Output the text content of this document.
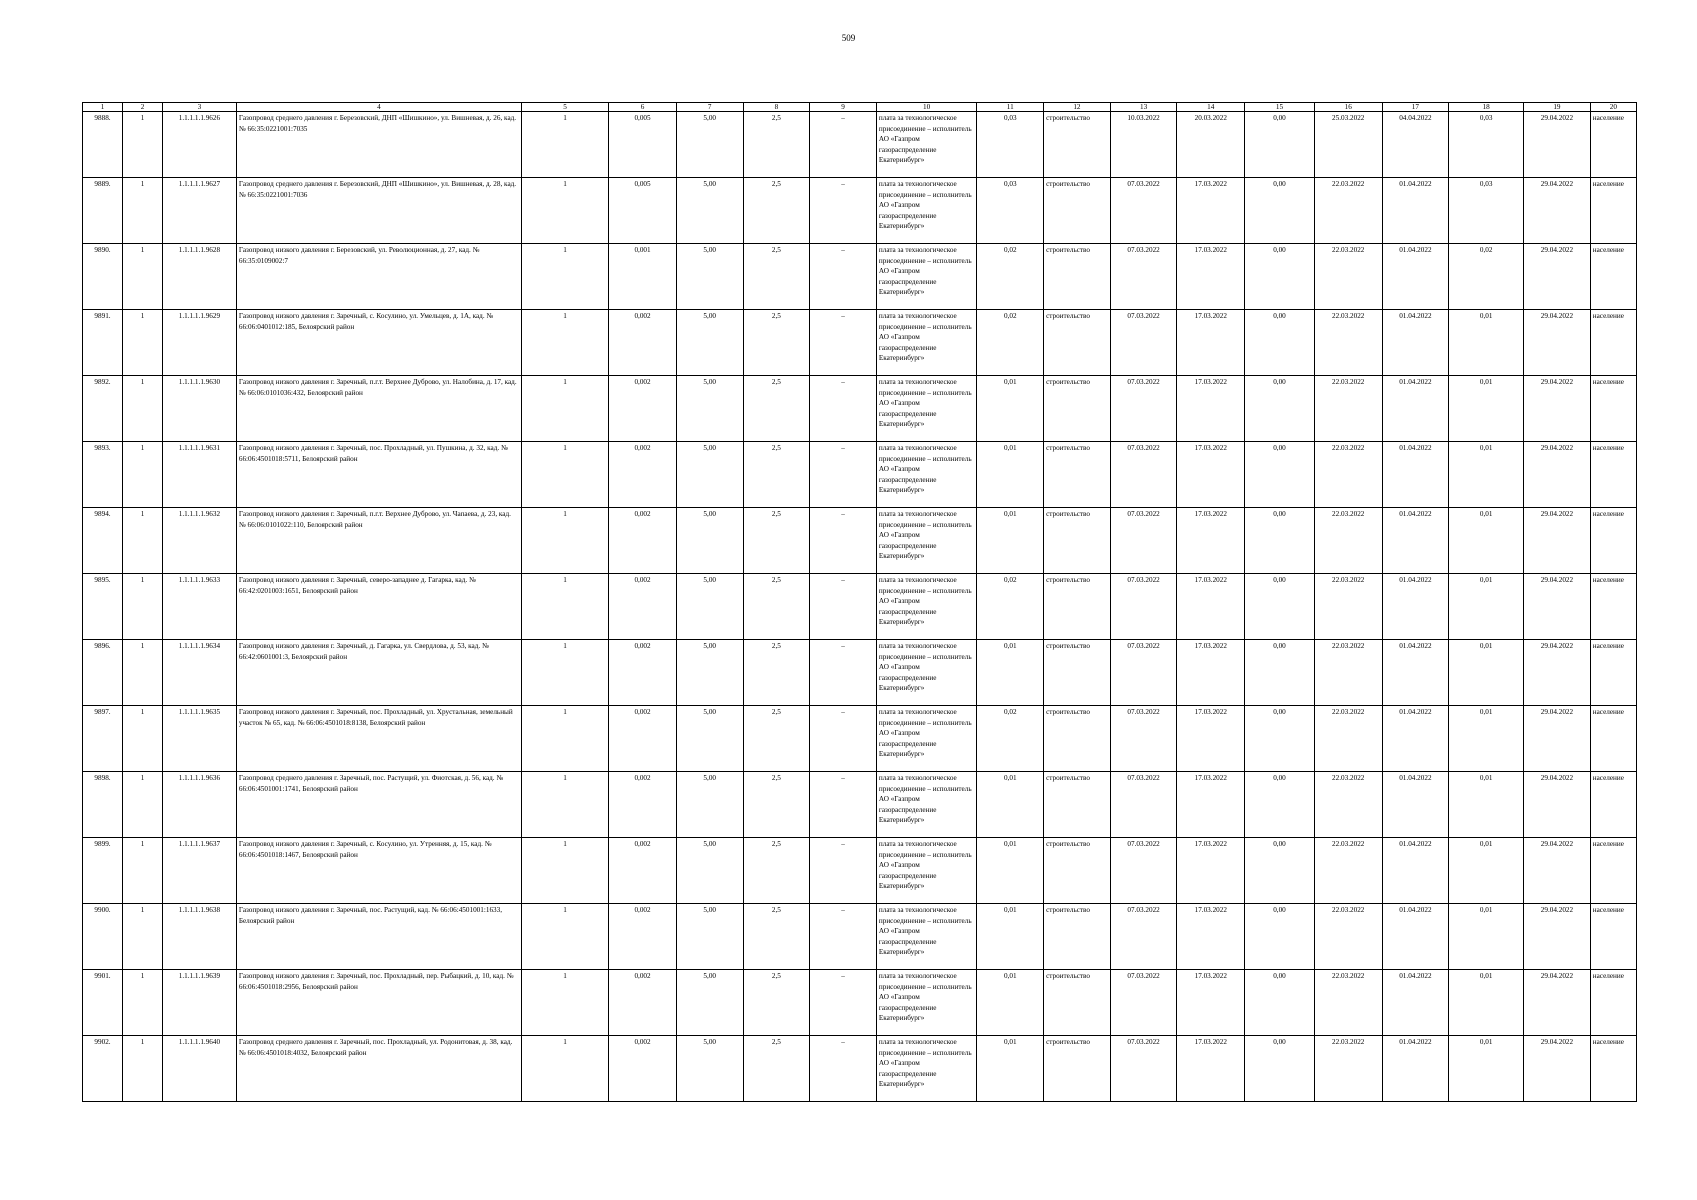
509
1	2	3	4	5	6	7	8	9	10	11	12	13	14	15	16	17	18	19	20
9888.	1	1.1.1.1.1.9626	Газопровод среднего давления г. Березовский, ДНП «Шишкино», ул. Вишневая, д. 26, кад. № 66:35:0221001:7035	1	0,005	5,00	2,5	–	плата за технологическое присоединение – исполнитель АО «Газпром газораспределение Екатеринбург»	0,03	строительство	10.03.2022	20.03.2022	0,00	25.03.2022	04.04.2022	0,03	29.04.2022	население
9889.	1	1.1.1.1.1.9627	Газопровод среднего давления г. Березовский, ДНП «Шишкино», ул. Вишневая, д. 28, кад. № 66:35:0221001:7036	1	0,005	5,00	2,5	–	плата за технологическое присоединение – исполнитель АО «Газпром газораспределение Екатеринбург»	0,03	строительство	07.03.2022	17.03.2022	0,00	22.03.2022	01.04.2022	0,03	29.04.2022	население
9890.	1	1.1.1.1.1.9628	Газопровод низкого давления г. Березовский, ул. Революционная, д. 27, кад. № 66:35:0109002:7	1	0,001	5,00	2,5	–	плата за технологическое присоединение – исполнитель АО «Газпром газораспределение Екатеринбург»	0,02	строительство	07.03.2022	17.03.2022	0,00	22.03.2022	01.04.2022	0,02	29.04.2022	население
9891.	1	1.1.1.1.1.9629	Газопровод низкого давления г. Заречный, с. Косулино, ул. Умельцев, д. 1А, кад. № 66:06:0401012:185, Белоярский район	1	0,002	5,00	2,5	–	плата за технологическое присоединение – исполнитель АО «Газпром газораспределение Екатеринбург»	0,02	строительство	07.03.2022	17.03.2022	0,00	22.03.2022	01.04.2022	0,01	29.04.2022	население
9892.	1	1.1.1.1.1.9630	Газопровод низкого давления г. Заречный, п.г.т. Верхнее Дуброво, ул. Налобина, д. 17, кад. № 66:06:0101036:432, Белоярский район	1	0,002	5,00	2,5	–	плата за технологическое присоединение – исполнитель АО «Газпром газораспределение Екатеринбург»	0,01	строительство	07.03.2022	17.03.2022	0,00	22.03.2022	01.04.2022	0,01	29.04.2022	население
9893.	1	1.1.1.1.1.9631	Газопровод низкого давления г. Заречный, пос. Прохладный, ул. Пушкина, д. 32, кад. № 66:06:4501018:5711, Белоярский район	1	0,002	5,00	2,5	–	плата за технологическое присоединение – исполнитель АО «Газпром газораспределение Екатеринбург»	0,01	строительство	07.03.2022	17.03.2022	0,00	22.03.2022	01.04.2022	0,01	29.04.2022	население
9894.	1	1.1.1.1.1.9632	Газопровод низкого давления г. Заречный, п.г.т. Верхнее Дуброво, ул. Чапаева, д. 23, кад. № 66:06:0101022:110, Белоярский район	1	0,002	5,00	2,5	–	плата за технологическое присоединение – исполнитель АО «Газпром газораспределение Екатеринбург»	0,01	строительство	07.03.2022	17.03.2022	0,00	22.03.2022	01.04.2022	0,01	29.04.2022	население
9895.	1	1.1.1.1.1.9633	Газопровод низкого давления г. Заречный, северо-западнее д. Гагарка, кад. № 66:42:0201003:1651, Белоярский район	1	0,002	5,00	2,5	–	плата за технологическое присоединение – исполнитель АО «Газпром газораспределение Екатеринбург»	0,02	строительство	07.03.2022	17.03.2022	0,00	22.03.2022	01.04.2022	0,01	29.04.2022	население
9896.	1	1.1.1.1.1.9634	Газопровод низкого давления г. Заречный, д. Гагарка, ул. Свердлова, д. 53, кад. № 66:42:0601001:3, Белоярский район	1	0,002	5,00	2,5	–	плата за технологическое присоединение – исполнитель АО «Газпром газораспределение Екатеринбург»	0,01	строительство	07.03.2022	17.03.2022	0,00	22.03.2022	01.04.2022	0,01	29.04.2022	население
9897.	1	1.1.1.1.1.9635	Газопровод низкого давления г. Заречный, пос. Прохладный, ул. Хрустальная, земельный участок № 65, кад. № 66:06:4501018:8138, Белоярский район	1	0,002	5,00	2,5	–	плата за технологическое присоединение – исполнитель АО «Газпром газораспределение Екатеринбург»	0,02	строительство	07.03.2022	17.03.2022	0,00	22.03.2022	01.04.2022	0,01	29.04.2022	население
9898.	1	1.1.1.1.1.9636	Газопровод среднего давления г. Заречный, пос. Растущий, ул. Фиотская, д. 56, кад. № 66:06:4501001:1741, Белоярский район	1	0,002	5,00	2,5	–	плата за технологическое присоединение – исполнитель АО «Газпром газораспределение Екатеринбург»	0,01	строительство	07.03.2022	17.03.2022	0,00	22.03.2022	01.04.2022	0,01	29.04.2022	население
9899.	1	1.1.1.1.1.9637	Газопровод низкого давления г. Заречный, с. Косулино, ул. Утренняя, д. 15, кад. № 66:06:4501018:1467, Белоярский район	1	0,002	5,00	2,5	–	плата за технологическое присоединение – исполнитель АО «Газпром газораспределение Екатеринбург»	0,01	строительство	07.03.2022	17.03.2022	0,00	22.03.2022	01.04.2022	0,01	29.04.2022	население
9900.	1	1.1.1.1.1.9638	Газопровод низкого давления г. Заречный, пос. Растущий, кад. № 66:06:4501001:1633, Белоярский район	1	0,002	5,00	2,5	–	плата за технологическое присоединение – исполнитель АО «Газпром газораспределение Екатеринбург»	0,01	строительство	07.03.2022	17.03.2022	0,00	22.03.2022	01.04.2022	0,01	29.04.2022	население
9901.	1	1.1.1.1.1.9639	Газопровод низкого давления г. Заречный, пос. Прохладный, пер. Рыбацкий, д. 10, кад. № 66:06:4501018:2956, Белоярский район	1	0,002	5,00	2,5	–	плата за технологическое присоединение – исполнитель АО «Газпром газораспределение Екатеринбург»	0,01	строительство	07.03.2022	17.03.2022	0,00	22.03.2022	01.04.2022	0,01	29.04.2022	население
9902.	1	1.1.1.1.1.9640	Газопровод среднего давления г. Заречный, пос. Прохладный, ул. Родонитовая, д. 38, кад. № 66:06:4501018:4032, Белоярский район	1	0,002	5,00	2,5	–	плата за технологическое присоединение – исполнитель АО «Газпром газораспределение Екатеринбург»	0,01	строительство	07.03.2022	17.03.2022	0,00	22.03.2022	01.04.2022	0,01	29.04.2022	население
